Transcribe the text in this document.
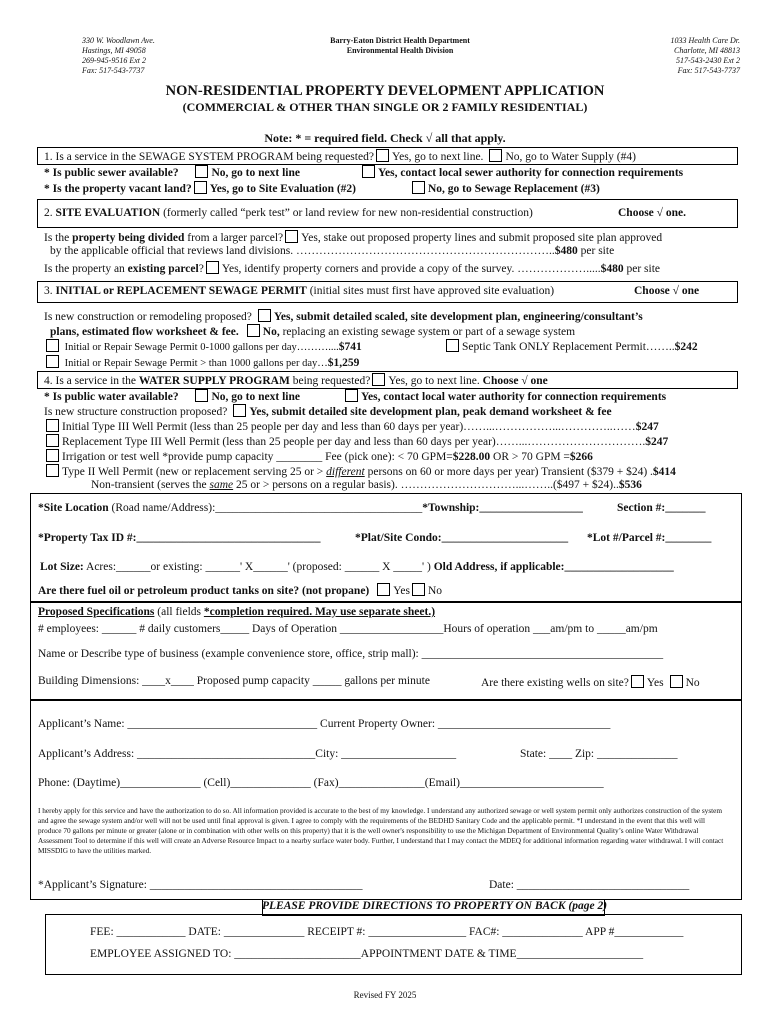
330 W. Woodlawn Ave.
Hastings, MI 49058
269-945-9516 Ext 2
Fax: 517-543-7737
Barry-Eaton District Health Department
Environmental Health Division
1033 Health Care Dr.
Charlotte, MI 48813
517-543-2430 Ext 2
Fax: 517-543-7737
NON-RESIDENTIAL PROPERTY DEVELOPMENT APPLICATION
(COMMERCIAL & OTHER THAN SINGLE OR 2 FAMILY RESIDENTIAL)
Note: * = required field. Check √ all that apply.
1. Is a service in the SEWAGE SYSTEM PROGRAM being requested? Yes, go to next line. No, go to Water Supply (#4)
* Is public sewer available?	No, go to next line	Yes, contact local sewer authority for connection requirements
* Is the property vacant land? Yes, go to Site Evaluation (#2)	No, go to Sewage Replacement (#3)
2. SITE EVALUATION (formerly called “perk test” or land review for new non-residential construction)	Choose √ one.
Is the property being divided from a larger parcel? Yes, stake out proposed property lines and submit proposed site plan approved
by the applicable official that reviews land divisions. …………………………………………………………..$480 per site
Is the property an existing parcel? Yes, identify property corners and provide a copy of the survey. ……………….....$480 per site
3. INITIAL or REPLACEMENT SEWAGE PERMIT (initial sites must first have approved site evaluation)	Choose √ one
Is new construction or remodeling proposed? Yes, submit detailed scaled, site development plan, engineering/consultant’s
plans, estimated flow worksheet & fee. No, replacing an existing sewage system or part of a sewage system
Initial or Repair Sewage Permit 0-1000 gallons per day………....$741	Septic Tank ONLY Replacement Permit……..$242
Initial or Repair Sewage Permit > than 1000 gallons per day…$1,259
4. Is a service in the WATER SUPPLY PROGRAM being requested? Yes, go to next line. Choose √ one
* Is public water available?	No, go to next line	Yes, contact local water authority for connection requirements
Is new structure construction proposed? Yes, submit detailed site development plan, peak demand worksheet & fee
Initial Type III Well Permit (less than 25 people per day and less than 60 days per year)……...……………...…………..……$247
Replacement Type III Well Permit (less than 25 people per day and less than 60 days per year)……...………………………….$247
Irrigation or test well *provide pump capacity ________ Fee (pick one): < 70 GPM=$228.00 OR > 70 GPM =$266
Type II Well Permit (new or replacement serving 25 or > different persons on 60 or more days per year) Transient ($379 + $24) .$414
Non-transient (serves the same 25 or > persons on a regular basis). …………………………...……..($497 + $24)..$536
*Site Location (Road name/Address):____________________________________*Township:__________________	Section #:_______
*Property Tax ID #:________________________________	*Plat/Site Condo:______________________ *Lot #/Parcel #:________
Lot Size: Acres:______or existing: ______' X______' (proposed: ______ X _____' ) Old Address, if applicable:___________________
Are there fuel oil or petroleum product tanks on site? (not propane) Yes No
Proposed Specifications (all fields *completion required. May use separate sheet.)
# employees: ______ # daily customers_____ Days of Operation __________________Hours of operation ___am/pm to _____am/pm
Name or Describe type of business (example convenience store, office, strip mall): __________________________________________
Building Dimensions: ____x____ Proposed pump capacity _____ gallons per minute	Are there existing wells on site? Yes No
Applicant’s Name: _________________________________ Current Property Owner: ______________________________
Applicant’s Address: _______________________________City: ____________________	State: ____ Zip: ______________
Phone: (Daytime)______________ (Cell)______________ (Fax)_______________(Email)_________________________
I hereby apply for this service and have the authorization to do so. All information provided is accurate to the best of my knowledge. I understand any authorized sewage or well system permit only authorizes construction of the system and agree the sewage system and/or well will not be used until final approval is given. I agree to comply with the requirements of the BEDHD Sanitary Code and the applicable permit. *I understand in the event that this well will produce 70 gallons per minute or greater (alone or in combination with other wells on this property) that it is the well owner's responsibility to use the Michigan Department of Environmental Quality’s online Water Withdrawal Assessment Tool to determine if this well will create an Adverse Resource Impact to a nearby surface water body. Further, I understand that I may contact the MDEQ for additional information regarding water withdrawal. I will contact MISSDIG to have the utilities marked.
*Applicant’s Signature: _____________________________________	Date: ______________________________
PLEASE PROVIDE DIRECTIONS TO PROPERTY ON BACK (page 2)
FEE: ____________ DATE: ______________ RECEIPT #: _________________ FAC#: ______________ APP #____________
EMPLOYEE ASSIGNED TO: ______________________APPOINTMENT DATE & TIME______________________
Revised FY 2025
